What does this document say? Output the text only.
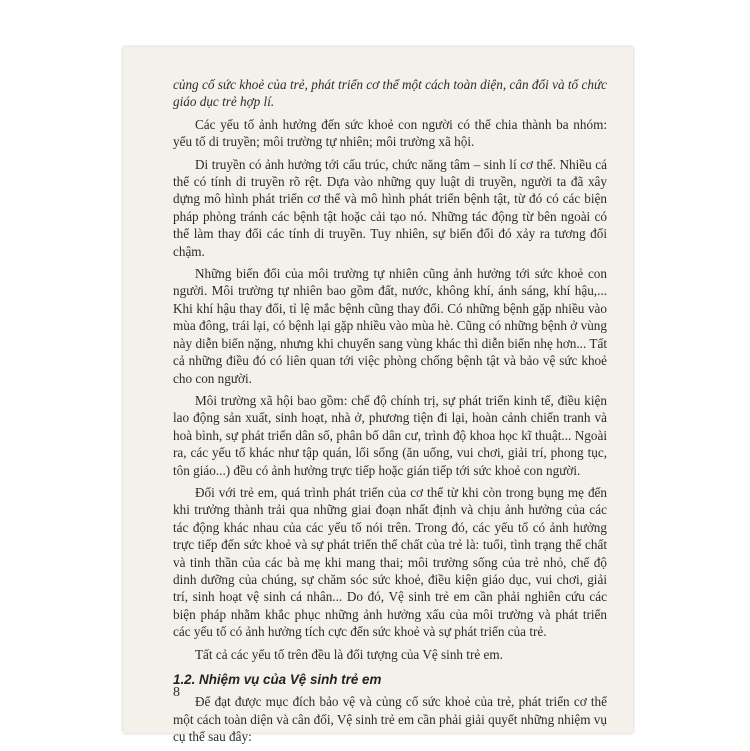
củng cố sức khoẻ của trẻ, phát triển cơ thể một cách toàn diện, cân đối và tổ chức giáo dục trẻ hợp lí.

Các yếu tố ảnh hưởng đến sức khoẻ con người có thể chia thành ba nhóm: yếu tố di truyền; môi trường tự nhiên; môi trường xã hội.

Di truyền có ảnh hưởng tới cấu trúc, chức năng tâm – sinh lí cơ thể. Nhiều cá thể có tính di truyền rõ rệt. Dựa vào những quy luật di truyền, người ta đã xây dựng mô hình phát triển cơ thể và mô hình phát triển bệnh tật, từ đó có các biện pháp phòng tránh các bệnh tật hoặc cải tạo nó. Những tác động từ bên ngoài có thể làm thay đổi các tính di truyền. Tuy nhiên, sự biến đổi đó xảy ra tương đối chậm.

Những biến đổi của môi trường tự nhiên cũng ảnh hưởng tới sức khoẻ con người. Môi trường tự nhiên bao gồm đất, nước, không khí, ánh sáng, khí hậu,... Khi khí hậu thay đổi, tỉ lệ mắc bệnh cũng thay đổi. Có những bệnh gặp nhiều vào mùa đông, trái lại, có bệnh lại gặp nhiều vào mùa hè. Cũng có những bệnh ở vùng này diễn biến nặng, nhưng khi chuyển sang vùng khác thì diễn biến nhẹ hơn... Tất cả những điều đó có liên quan tới việc phòng chống bệnh tật và bảo vệ sức khoẻ cho con người.

Môi trường xã hội bao gồm: chế độ chính trị, sự phát triển kinh tế, điều kiện lao động sản xuất, sinh hoạt, nhà ở, phương tiện đi lại, hoàn cảnh chiến tranh và hoà bình, sự phát triển dân số, phân bố dân cư, trình độ khoa học kĩ thuật... Ngoài ra, các yếu tố khác như tập quán, lối sống (ăn uống, vui chơi, giải trí, phong tục, tôn giáo...) đều có ảnh hưởng trực tiếp hoặc gián tiếp tới sức khoẻ con người.

Đối với trẻ em, quá trình phát triển của cơ thể từ khi còn trong bụng mẹ đến khi trưởng thành trải qua những giai đoạn nhất định và chịu ảnh hưởng của các tác động khác nhau của các yếu tố nói trên. Trong đó, các yếu tố có ảnh hưởng trực tiếp đến sức khoẻ và sự phát triển thể chất của trẻ là: tuổi, tình trạng thể chất và tinh thần của các bà mẹ khi mang thai; môi trường sống của trẻ nhỏ, chế độ dinh dưỡng của chúng, sự chăm sóc sức khoẻ, điều kiện giáo dục, vui chơi, giải trí, sinh hoạt vệ sinh cá nhân... Do đó, Vệ sinh trẻ em cần phải nghiên cứu các biện pháp nhằm khắc phục những ảnh hưởng xấu của môi trường và phát triển các yếu tố có ảnh hưởng tích cực đến sức khoẻ và sự phát triển của trẻ.

Tất cả các yếu tố trên đều là đối tượng của Vệ sinh trẻ em.

1.2. Nhiệm vụ của Vệ sinh trẻ em

Để đạt được mục đích bảo vệ và củng cố sức khoẻ của trẻ, phát triển cơ thể một cách toàn diện và cân đối, Vệ sinh trẻ em cần phải giải quyết những nhiệm vụ cụ thể sau đây:

8
